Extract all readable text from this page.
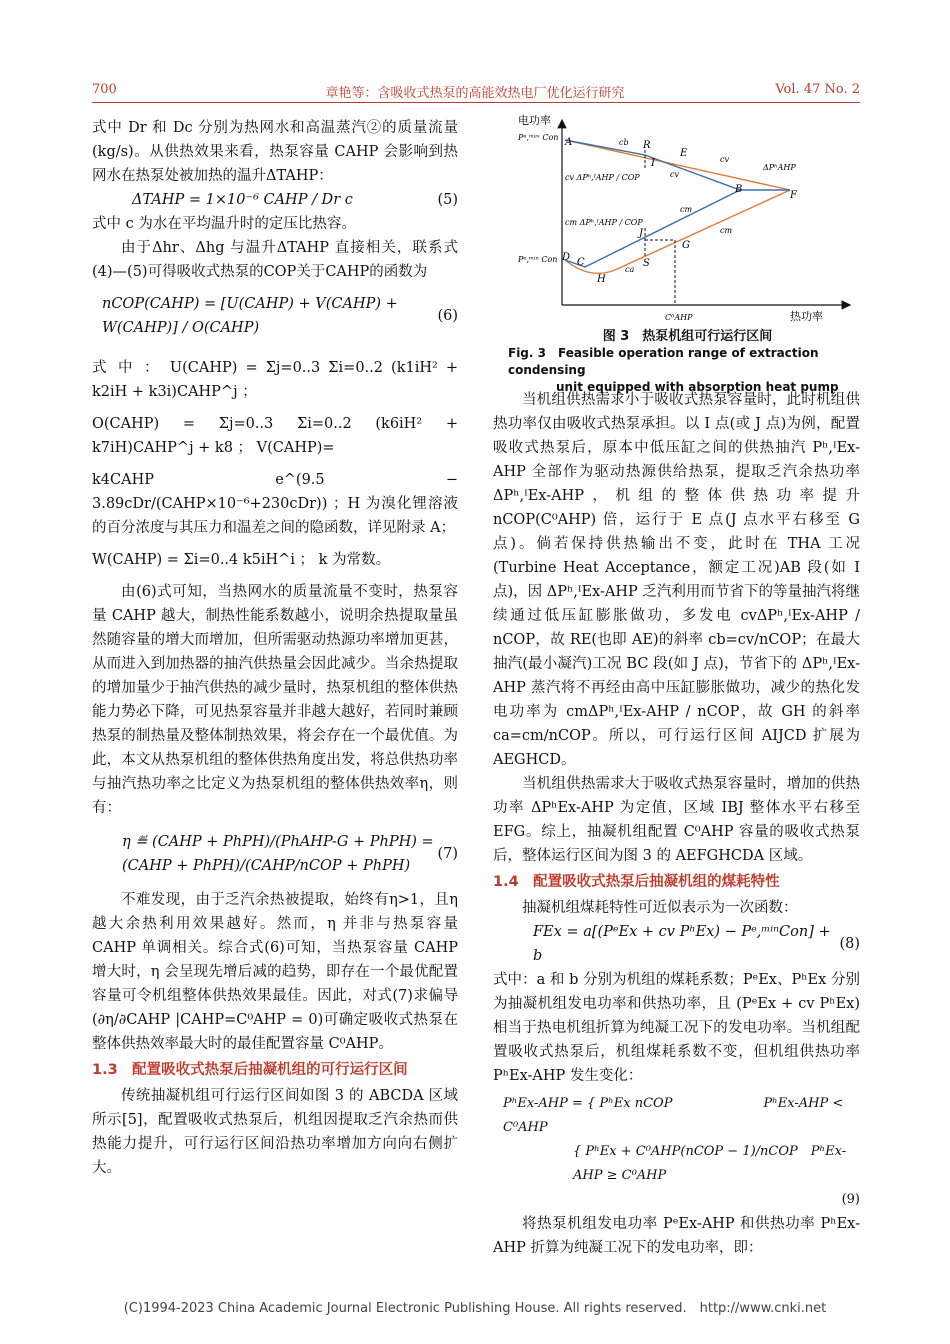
700	章艳等：含吸收式热泵的高能效热电厂优化运行研究	Vol. 47 No. 2

式中 Dr 和 Dc 分别为热网水和高温蒸汽②的质量流量(kg/s)。从供热效果来看，热泵容量 CAHP 会影响到热网水在热泵处被加热的温升ΔTAHP：

ΔTAHP = 1×10⁻⁶ CAHP / Dr c	(5)

式中 c 为水在平均温升时的定压比热容。

由于Δhr、Δhg 与温升ΔTAHP 直接相关，联系式(4)—(5)可得吸收式热泵的COP关于CAHP的函数为

nCOP(CAHP) = [U(CAHP) + V(CAHP) + W(CAHP)] / O(CAHP)
(6)

式 中 ： U(CAHP) = Σj=0..3 Σi=0..2 (k1iH² + k2iH + k3i)CAHP^j ；

O(CAHP) = Σj=0..3 Σi=0..2 (k6iH² + k7iH)CAHP^j + k8 ； V(CAHP)=

k4CAHP e^(9.5 − 3.89cDr/(CAHP×10⁻⁶+230cDr)) ；H 为溴化锂溶液的百分浓度与其压力和温差之间的隐函数，详见附录 A；

W(CAHP) = Σi=0..4 k5iH^i ； k 为常数。

由(6)式可知，当热网水的质量流量不变时，热泵容量 CAHP 越大，制热性能系数越小，说明余热提取量虽然随容量的增大而增加，但所需驱动热源功率增加更甚，从而进入到加热器的抽汽供热量会因此减少。当余热提取的增加量少于抽汽供热的减少量时，热泵机组的整体供热能力势必下降，可见热泵容量并非越大越好，若同时兼顾热泵的制热量及整体制热效果，将会存在一个最优值。为此，本文从热泵机组的整体供热角度出发，将总供热功率与抽汽热功率之比定义为热泵机组的整体供热效率η，则有：

η ≝ (CAHP + PhPH)/(PhAHP-G + PhPH) = (CAHP + PhPH)/(CAHP/nCOP + PhPH)
(7)

不难发现，由于乏汽余热被提取，始终有η>1，且η 越大余热利用效果越好。然而，η 并非与热泵容量 CAHP 单调相关。综合式(6)可知，当热泵容量 CAHP 增大时，η 会呈现先增后减的趋势，即存在一个最优配置容量可令机组整体供热效果最佳。因此，对式(7)求偏导(∂η/∂CAHP |CAHP=C⁰AHP = 0)可确定吸收式热泵在整体供热效率最大时的最佳配置容量 C⁰AHP。

1.3　配置吸收式热泵后抽凝机组的可行运行区间

传统抽凝机组可行运行区间如图 3 的 ABCDA 区域所示[5]，配置吸收式热泵后，机组因提取乏汽余热而供热能力提升，可行运行区间沿热功率增加方向向右侧扩大。

电功率
热功率
Pᵉ,ᵐᵃˣ Con
Pᵉ,ᵐⁱⁿ Con
C⁰AHP
A
B
C
D
E
F
G
H
I
J
R
S
cb
cv
cv
cm
cm
ca
ΔPʰAHP
cv ΔPʰ,ᴵAHP / COP
cm ΔPʰ,ᴵAHP / COP
图 3　热泵机组可行运行区间
Fig. 3　Feasible operation range of extraction condensing
unit equipped with absorption heat pump

当机组供热需求小于吸收式热泵容量时，此时机组供热功率仅由吸收式热泵承担。以 I 点(或 J 点)为例，配置吸收式热泵后，原本中低压缸之间的供热抽汽 Pʰ,ᴵEx-AHP 全部作为驱动热源供给热泵，提取乏汽余热功率 ΔPʰ,ᴵEx-AHP，机组的整体供热功率提升 nCOP(C⁰AHP) 倍，运行于 E 点(J 点水平右移至 G 点)。倘若保持供热输出不变，此时在 THA 工况(Turbine Heat Acceptance，额定工况)AB 段(如 I 点)，因 ΔPʰ,ᴵEx-AHP 乏汽利用而节省下的等量抽汽将继续通过低压缸膨胀做功，多发电 cvΔPʰ,ᴵEx-AHP / nCOP，故 RE(也即 AE)的斜率 cb=cv/nCOP；在最大抽汽(最小凝汽)工况 BC 段(如 J 点)，节省下的 ΔPʰ,ᴵEx-AHP 蒸汽将不再经由高中压缸膨胀做功，减少的热化发电功率为 cmΔPʰ,ᴵEx-AHP / nCOP，故 GH 的斜率 ca=cm/nCOP。所以，可行运行区间 AIJCD 扩展为 AEGHCD。

当机组供热需求大于吸收式热泵容量时，增加的供热功率 ΔPʰEx-AHP 为定值，区域 IBJ 整体水平右移至 EFG。综上，抽凝机组配置 C⁰AHP 容量的吸收式热泵后，整体运行区间为图 3 的 AEFGHCDA 区域。

1.4　配置吸收式热泵后抽凝机组的煤耗特性

抽凝机组煤耗特性可近似表示为一次函数：

FEx = a[(PᵉEx + cv PʰEx) − Pᵉ,ᵐⁱⁿCon] + b
(8)

式中：a 和 b 分别为机组的煤耗系数；PᵉEx、PʰEx 分别为抽凝机组发电功率和供热功率，且 (PᵉEx + cv PʰEx) 相当于热电机组折算为纯凝工况下的发电功率。当机组配置吸收式热泵后，机组煤耗系数不变，但机组供热功率 PʰEx-AHP 发生变化：

PʰEx-AHP = { PʰEx nCOP　　　　　　　PʰEx-AHP < C⁰AHP
{ PʰEx + C⁰AHP(nCOP − 1)/nCOP　PʰEx-AHP ≥ C⁰AHP
(9)

将热泵机组发电功率 PᵉEx-AHP 和供热功率 PʰEx-AHP 折算为纯凝工况下的发电功率，即：

(C)1994-2023 China Academic Journal Electronic Publishing House. All rights reserved.　http://www.cnki.net
